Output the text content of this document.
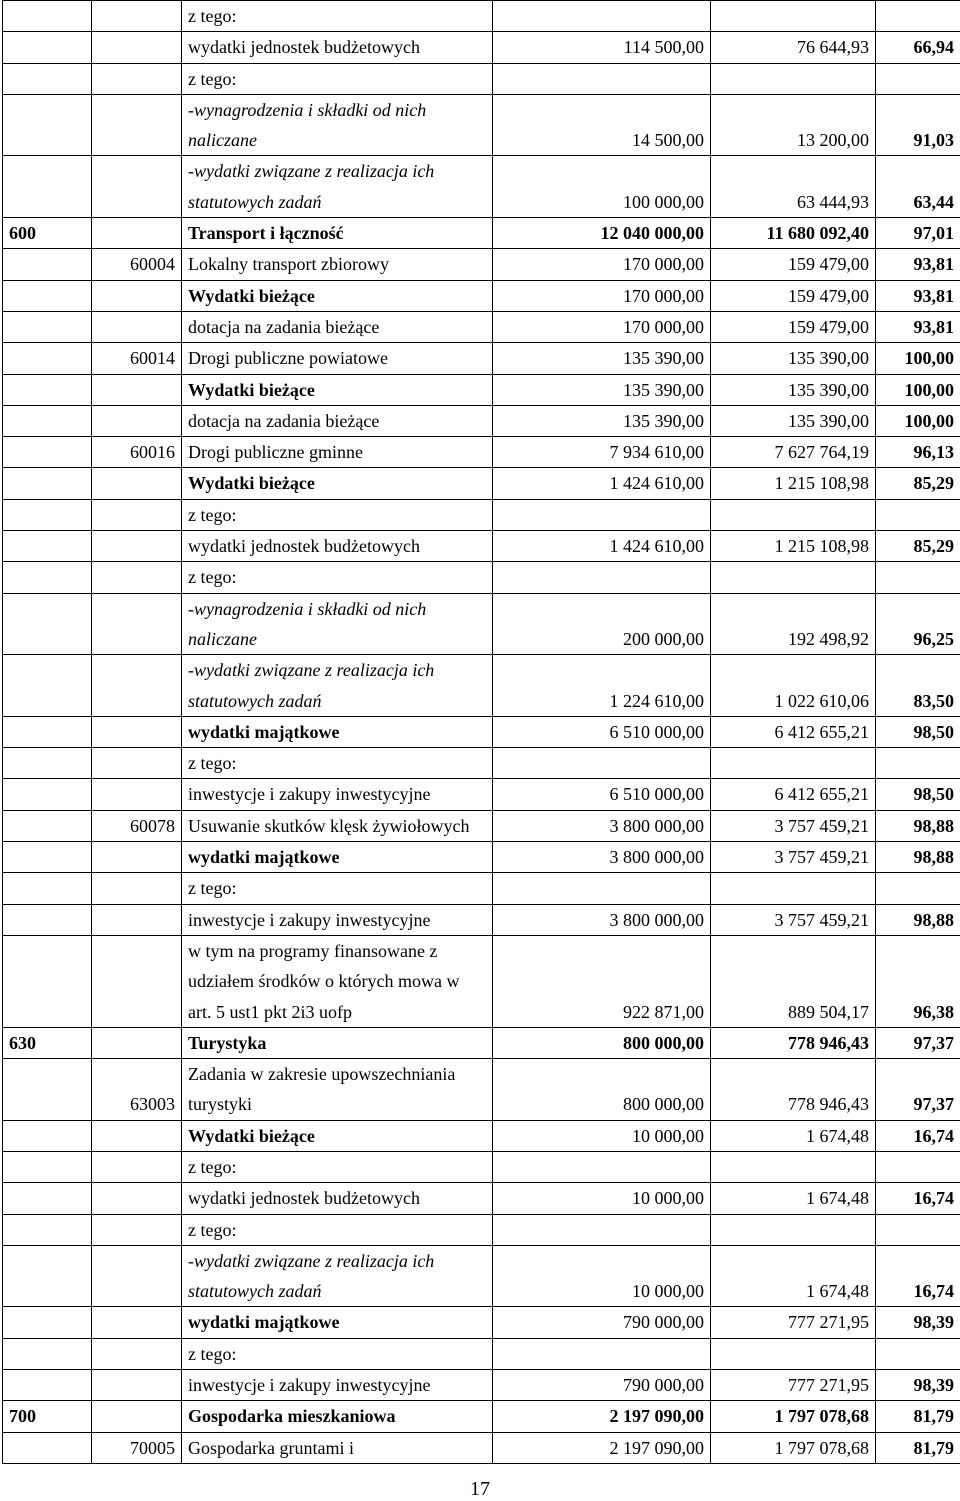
		z tego:			
		wydatki jednostek budżetowych	114 500,00	76 644,93	66,94
		z tego:			
		-wynagrodzenia i składki od nich naliczane	14 500,00	13 200,00	91,03
		-wydatki związane z realizacja ich statutowych zadań	100 000,00	63 444,93	63,44
600		Transport i łączność	12 040 000,00	11 680 092,40	97,01
	60004	Lokalny transport zbiorowy	170 000,00	159 479,00	93,81
		Wydatki bieżące	170 000,00	159 479,00	93,81
		dotacja na zadania bieżące	170 000,00	159 479,00	93,81
	60014	Drogi publiczne powiatowe	135 390,00	135 390,00	100,00
		Wydatki bieżące	135 390,00	135 390,00	100,00
		dotacja na zadania bieżące	135 390,00	135 390,00	100,00
	60016	Drogi publiczne gminne	7 934 610,00	7 627 764,19	96,13
		Wydatki bieżące	1 424 610,00	1 215 108,98	85,29
		z tego:			
		wydatki jednostek budżetowych	1 424 610,00	1 215 108,98	85,29
		z tego:			
		-wynagrodzenia i składki od nich naliczane	200 000,00	192 498,92	96,25
		-wydatki związane z realizacja ich statutowych zadań	1 224 610,00	1 022 610,06	83,50
		wydatki majątkowe	6 510 000,00	6 412 655,21	98,50
		z tego:			
		inwestycje i zakupy inwestycyjne	6 510 000,00	6 412 655,21	98,50
	60078	Usuwanie skutków klęsk żywiołowych	3 800 000,00	3 757 459,21	98,88
		wydatki majątkowe	3 800 000,00	3 757 459,21	98,88
		z tego:			
		inwestycje i zakupy inwestycyjne	3 800 000,00	3 757 459,21	98,88
		w tym na programy finansowane z udziałem środków o których mowa w art. 5 ust1 pkt 2i3 uofp	922 871,00	889 504,17	96,38
630		Turystyka	800 000,00	778 946,43	97,37
	63003	Zadania w zakresie upowszechniania turystyki	800 000,00	778 946,43	97,37
		Wydatki bieżące	10 000,00	1 674,48	16,74
		z tego:			
		wydatki jednostek budżetowych	10 000,00	1 674,48	16,74
		z tego:			
		-wydatki związane z realizacja ich statutowych zadań	10 000,00	1 674,48	16,74
		wydatki majątkowe	790 000,00	777 271,95	98,39
		z tego:			
		inwestycje i zakupy inwestycyjne	790 000,00	777 271,95	98,39
700		Gospodarka mieszkaniowa	2 197 090,00	1 797 078,68	81,79
	70005	Gospodarka gruntami i	2 197 090,00	1 797 078,68	81,79
17
